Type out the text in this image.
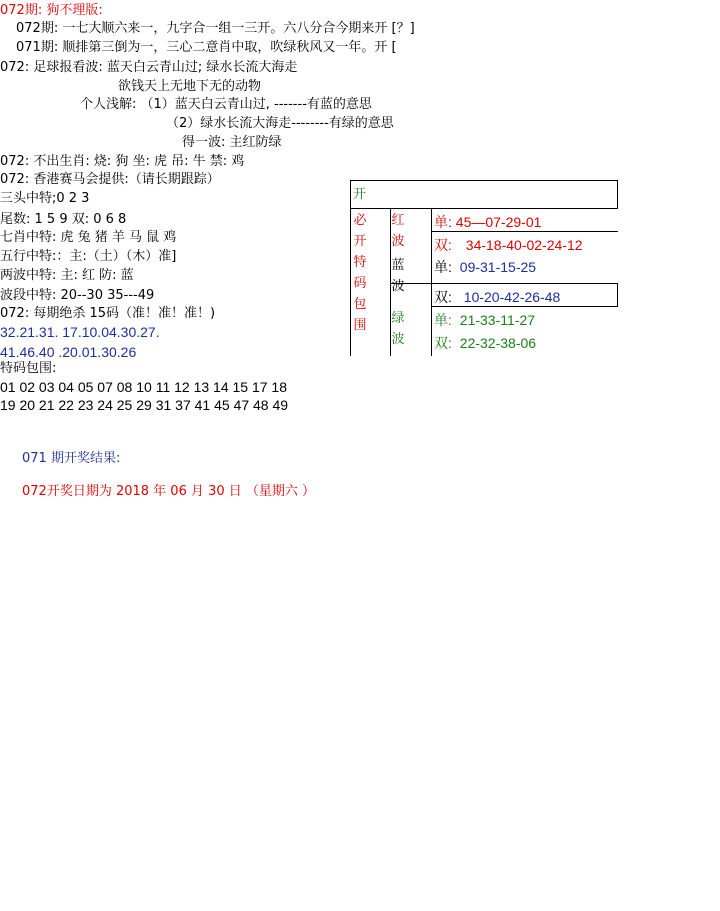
072期: 狗不理版:
072期: 一七大顺六来一，九字合一组一三开。六八分合今期来开 [？]
071期: 顺排第三倒为一，三心二意肖中取，吹绿秋风又一年。开 [
072: 足球报看波: 蓝天白云青山过; 绿水长流大海走
欲钱天上无地下无的动物
个人浅解: （1）蓝天白云青山过, -------有蓝的意思
（2）绿水长流大海走--------有绿的意思
得一波: 主红防绿
072: 不出生肖: 烧: 狗 坐: 虎 吊: 牛 禁: 鸡
072: 香港赛马会提供:（请长期跟踪）
三头中特;0 2 3
尾数: 1 5 9 双: 0 6 8
七肖中特: 虎 兔 猪 羊 马 鼠 鸡
五行中特:：主:（土）（木）准]
两波中特: 主: 红 防: 蓝
波段中特: 20--30 35---49
072: 每期绝杀 15码（准！准！准！)
32.21.31. 17.10.04.30.27.
41.46.40 .20.01.30.26
特码包围:
01 02 03 04 05 07 08 10 11 12 13 14 15 17 18
19 20 21 22 23 24 25 29 31 37 41 45 47 48 49
开
必
开
特
码
包
围
红
波
蓝
波
绿
波
单: 45—07-29-01
双: 34-18-40-02-24-12
单: 09-31-15-25
双: 10-20-42-26-48
单: 21-33-11-27
双: 22-32-38-06
071 期开奖结果:
072开奖日期为 2018 年 06 月 30 日 （星期六 ）
